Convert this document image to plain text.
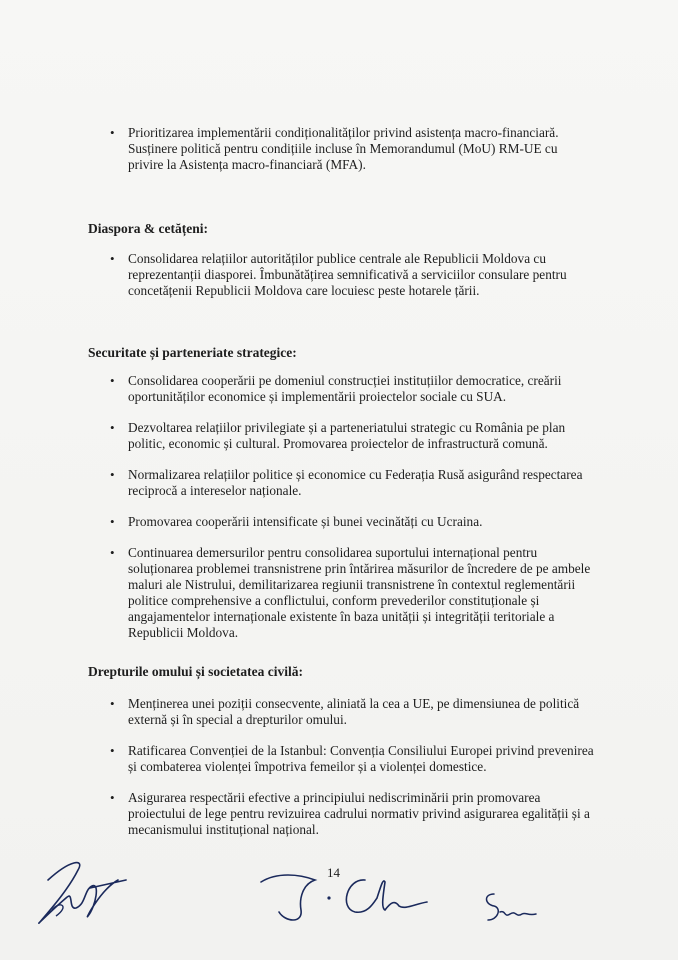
• Prioritizarea implementării condiționalităților privind asistența macro-financiară. Susținere politică pentru condițiile incluse în Memorandumul (MoU) RM-UE cu privire la Asistența macro-financiară (MFA).
Diaspora & cetățeni:
• Consolidarea relațiilor autorităților publice centrale ale Republicii Moldova cu reprezentanții diasporei. Îmbunătățirea semnificativă a serviciilor consulare pentru concetățenii Republicii Moldova care locuiesc peste hotarele țării.
Securitate și parteneriate strategice:
• Consolidarea cooperării pe domeniul construcției instituțiilor democratice, creării oportunităților economice și implementării proiectelor sociale cu SUA.
• Dezvoltarea relațiilor privilegiate și a parteneriatului strategic cu România pe plan politic, economic și cultural. Promovarea proiectelor de infrastructură comună.
• Normalizarea relațiilor politice și economice cu Federația Rusă asigurând respectarea reciprocă a intereselor naționale.
• Promovarea cooperării intensificate și bunei vecinătăți cu Ucraina.
• Continuarea demersurilor pentru consolidarea suportului internațional pentru soluționarea problemei transnistrene prin întărirea măsurilor de încredere de pe ambele maluri ale Nistrului, demilitarizarea regiunii transnistrene în contextul reglementării politice comprehensive a conflictului, conform prevederilor constituționale și angajamentelor internaționale existente în baza unității și integrității teritoriale a Republicii Moldova.
Drepturile omului și societatea civilă:
• Menținerea unei poziții consecvente, aliniată la cea a UE, pe dimensiunea de politică externă și în special a drepturilor omului.
• Ratificarea Convenției de la Istanbul: Convenția Consiliului Europei privind prevenirea și combaterea violenței împotriva femeilor și a violenței domestice.
• Asigurarea respectării efective a principiului nediscriminării prin promovarea proiectului de lege pentru revizuirea cadrului normativ privind asigurarea egalității și a mecanismului instituțional național.
14
